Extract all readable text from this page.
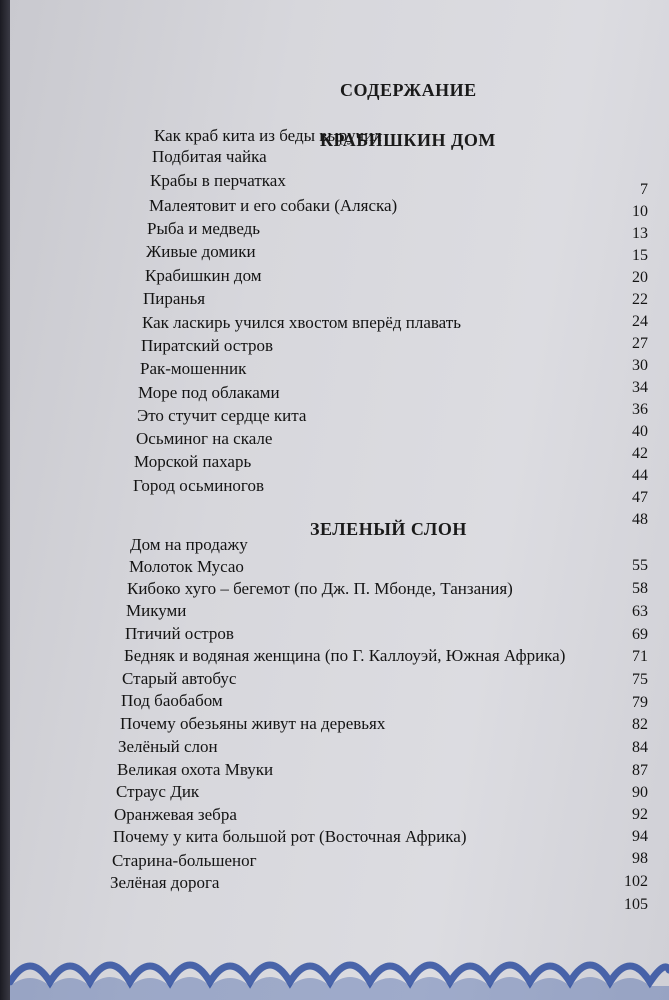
СОДЕРЖАНИЕ
КРАБИШКИН ДОМ
Как краб кита из беды выручил
Подбитая чайка
Крабы в перчатках
Малеятовит и его собаки (Аляска)
Рыба и медведь
Живые домики
Крабишкин дом
Пиранья
Как ласкирь учился хвостом вперёд плавать
Пиратский остров
Рак-мошенник
Море под облаками
Это стучит сердце кита
Осьминог на скале
Морской пахарь
Город осьминогов
7
10
13
15
20
22
24
27
30
34
36
40
42
44
47
48
ЗЕЛЕНЫЙ СЛОН
Дом на продажу
Молоток Мусао
Кибоко хуго – бегемот (по Дж. П. Мбонде, Танзания)
Микуми
Птичий остров
Бедняк и водяная женщина (по Г. Каллоуэй, Южная Африка)
Старый автобус
Под баобабом
Почему обезьяны живут на деревьях
Зелёный слон
Великая охота Мвуки
Страус Дик
Оранжевая зебра
Почему у кита большой рот (Восточная Африка)
Старина-большеног
Зелёная дорога
55
58
63
69
71
75
79
82
84
87
90
92
94
98
102
105
